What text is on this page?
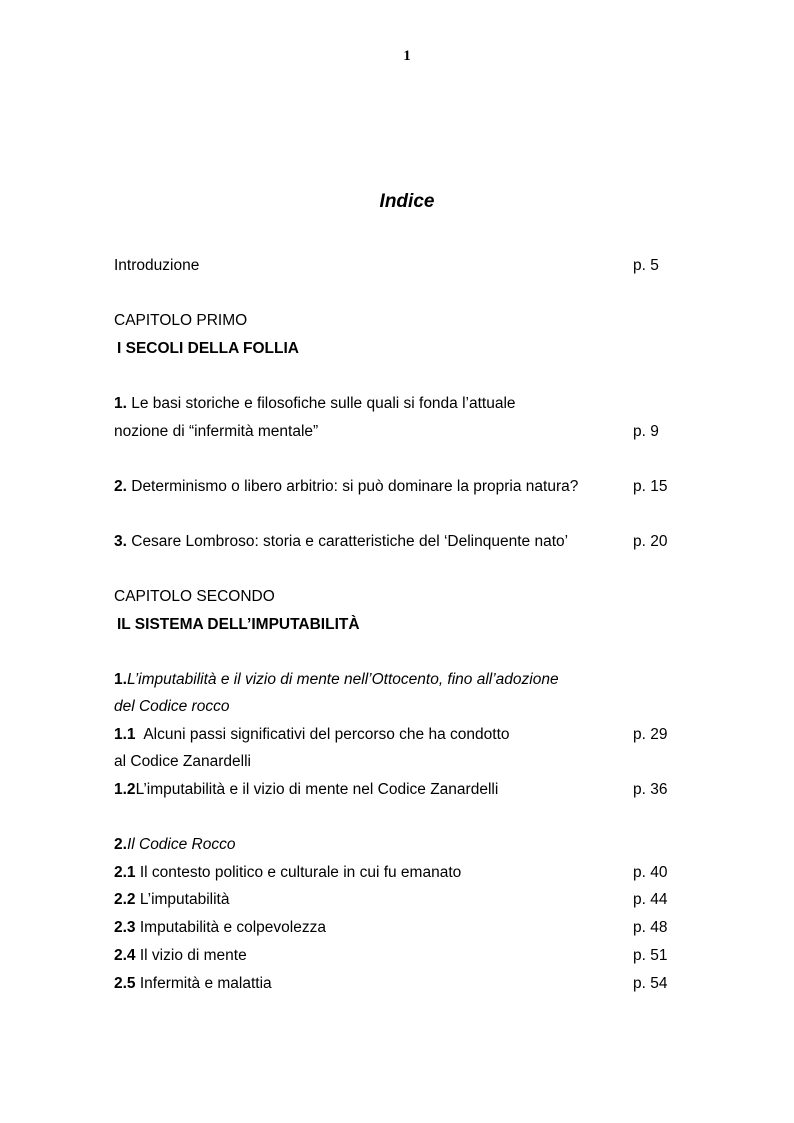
1
Indice
Introduzione	p. 5
CAPITOLO PRIMO
I SECOLI DELLA FOLLIA
1. Le basi storiche e filosofiche sulle quali si fonda l’attuale
nozione di “infermità mentale”	p. 9
2. Determinismo o libero arbitrio: si può dominare la propria natura?	p. 15
3. Cesare Lombroso: storia e caratteristiche del ‘Delinquente nato’	p. 20
CAPITOLO SECONDO
IL SISTEMA DELL’IMPUTABILITÀ
1.L’imputabilità e il vizio di mente nell’Ottocento, fino all’adozione
del Codice rocco
1.1  Alcuni passi significativi del percorso che ha condotto	p. 29
al Codice Zanardelli
1.2L’imputabilità e il vizio di mente nel Codice Zanardelli	p. 36
2.Il Codice Rocco
2.1 Il contesto politico e culturale in cui fu emanato	p. 40
2.2 L’imputabilità	p. 44
2.3 Imputabilità e colpevolezza	p. 48
2.4 Il vizio di mente	p. 51
2.5 Infermità e malattia	p. 54
